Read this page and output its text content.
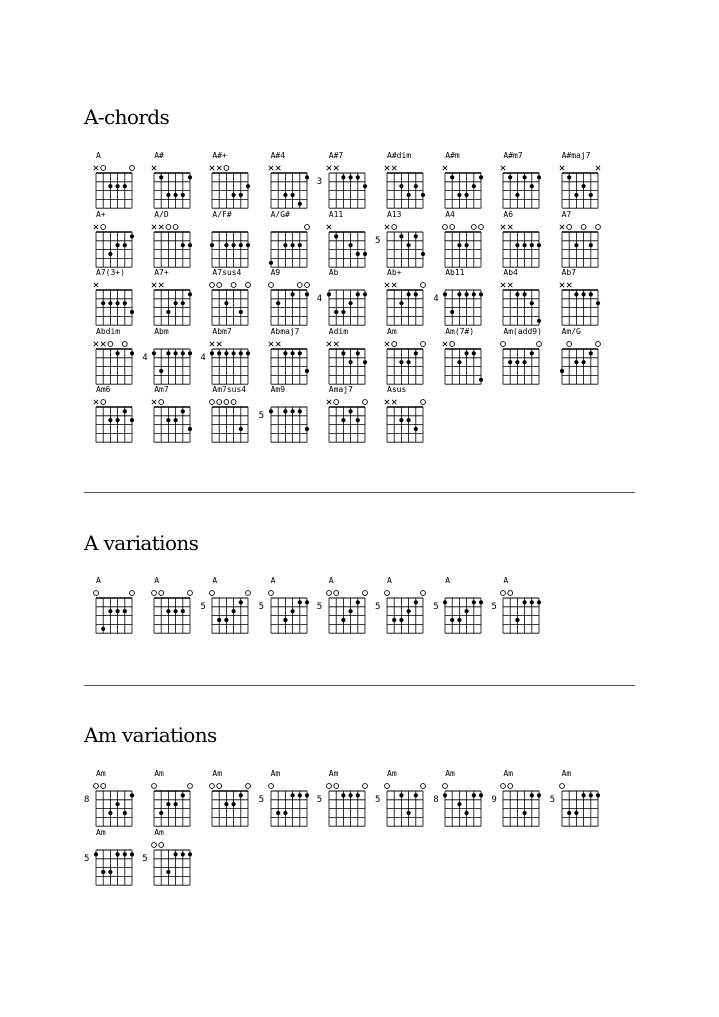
A-chords
A	A#	A#+	A#4	A#7
3
A#dim	A#m	A#m7	A#maj7
A+	A/D	A/F#	A/G#	A11	A13
5
A4	A6	A7
A7(3+)	A7+	A7sus4	A9	Ab
4
Ab+	Ab11
4
Ab4	Ab7
Abdim	Abm
4
Abm7
4
Abmaj7	Adim	Am	Am(7#)	Am(add9) Am/G
Am6	Am7	Am7sus4	Am9
5
Amaj7	Asus
A variations
A	A	A
5
A
5
A
5
A
5
A
5
A
5
Am variations
Am
8
Am	Am	Am
5
Am
5
Am
5
Am
8
Am
9
Am
5
Am
5
Am
5
